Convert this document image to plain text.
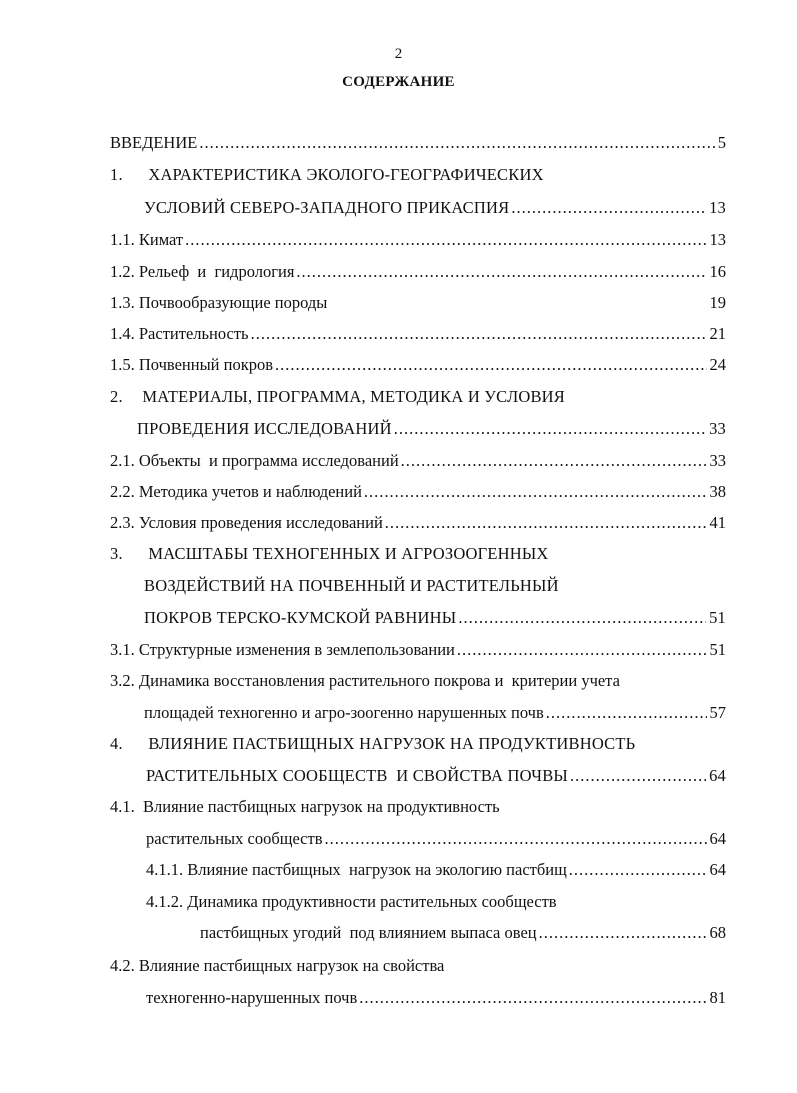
2
СОДЕРЖАНИЕ
ВВЕДЕНИЕ .....	5
1. ХАРАКТЕРИСТИКА ЭКОЛОГО-ГЕОГРАФИЧЕСКИХ
УСЛОВИЙ СЕВЕРО-ЗАПАДНОГО ПРИКАСПИЯ .....	13
1.1. Кимат .....	13
1.2. Рельеф  и  гидрология .....	16
1.3. Почвообразующие породы	19
1.4. Растительность .....	21
1.5. Почвенный покров .....	24
2. МАТЕРИАЛЫ, ПРОГРАММА, МЕТОДИКА И УСЛОВИЯ
ПРОВЕДЕНИЯ ИССЛЕДОВАНИЙ .....	33
2.1. Объекты  и программа исследований .....	33
2.2. Методика учетов и наблюдений .....	38
2.3. Условия проведения исследований .....	41
3. МАСШТАБЫ ТЕХНОГЕННЫХ И АГРОЗООГЕННЫХ
ВОЗДЕЙСТВИЙ НА ПОЧВЕННЫЙ И РАСТИТЕЛЬНЫЙ
ПОКРОВ ТЕРСКО-КУМСКОЙ РАВНИНЫ .....	51
3.1. Структурные изменения в землепользовании .....	51
3.2. Динамика восстановления растительного покрова и  критерии учета
площадей техногенно и агро-зоогенно нарушенных почв .....	57
4. ВЛИЯНИЕ ПАСТБИЩНЫХ НАГРУЗОК НА ПРОДУКТИВНОСТЬ
РАСТИТЕЛЬНЫХ СООБЩЕСТВ  И СВОЙСТВА ПОЧВЫ .....	64
4.1.  Влияние пастбищных нагрузок на продуктивность
растительных сообществ .....	64
4.1.1. Влияние пастбищных  нагрузок на экологию пастбищ .....	64
4.1.2. Динамика продуктивности растительных сообществ
пастбищных угодий  под влиянием выпаса овец .....	68
4.2. Влияние пастбищных нагрузок на свойства
техногенно-нарушенных почв .....	81
